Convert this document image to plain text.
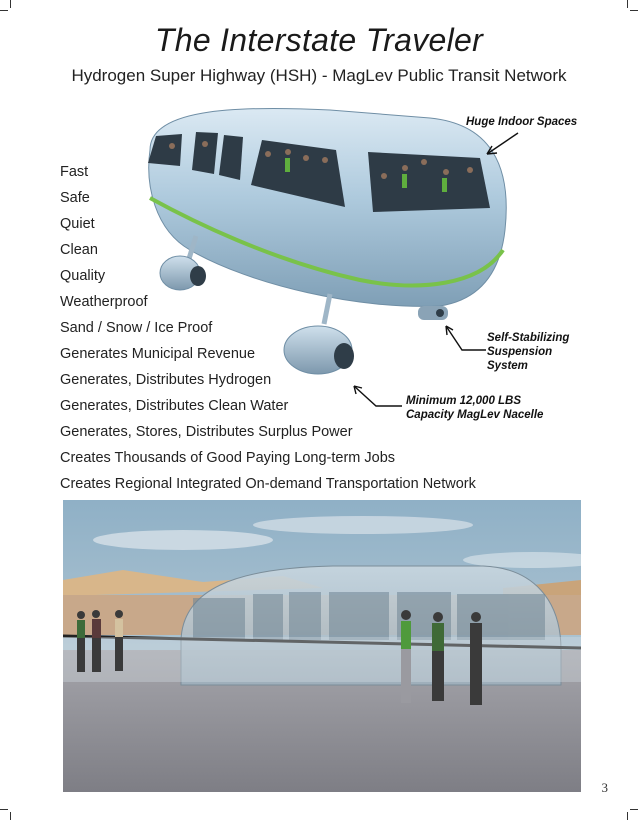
The Interstate Traveler
Hydrogen Super Highway (HSH) - MagLev Public Transit Network
Fast
Safe
Quiet
Clean
Quality
Weatherproof
Sand / Snow / Ice Proof
Generates Municipal Revenue
Generates, Distributes Hydrogen
Generates, Distributes Clean Water
Generates, Stores, Distributes Surplus Power
Creates Thousands of Good Paying Long-term Jobs
Creates Regional Integrated On-demand Transportation Network
Huge Indoor Spaces
Self-Stabilizing
Suspension
System
Minimum 12,000 LBS
Capacity MagLev Nacelle
3
